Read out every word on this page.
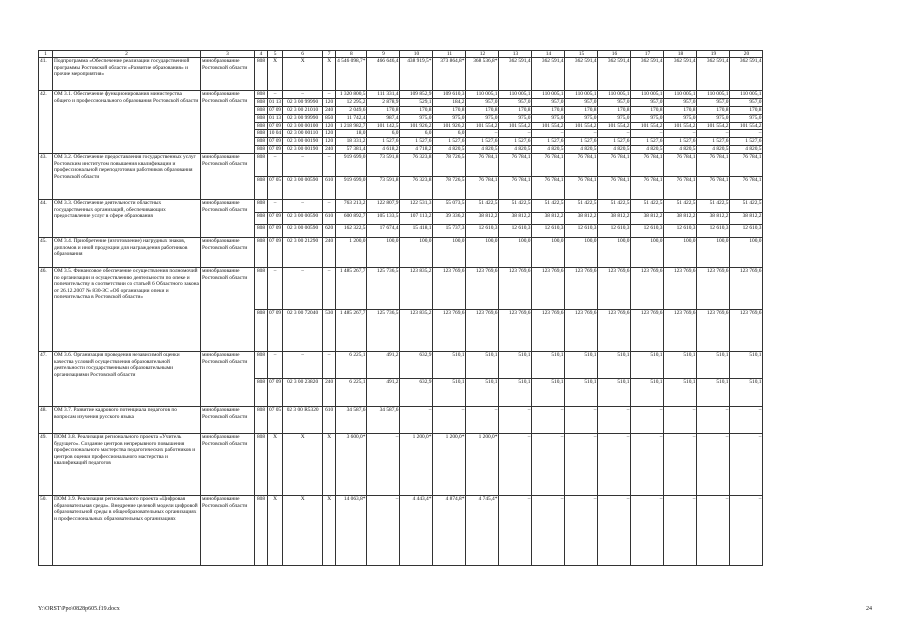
1	2	3	4	5	6	7	8	9	10	11	12	13	14	15	16	17	18	19	20
41.	Подпрограмма «Обеспечение реализации государственной программы Ростовской области «Развитие образования» и прочие мероприятия»	минобразование Ростовской области	808	Х	Х	Х	4 546 098,7*	466 646,4	438 919,5*	373 864,8*	368 536,8*	362 591,4	362 591,4	362 591,4	362 591,4	362 591,4	362 591,4	362 591,4	362 591,4
42.	ОМ 3.1. Обеспечение функционирования министерства общего и профессионального образования Ростовской области	минобразование Ростовской области	808	–	–	–	1 320 800,5	111 331,4	109 852,9	109 610,3	110 005,1	110 005,1	110 005,1	110 005,1	110 005,1	110 005,1	110 005,1	110 005,1	110 005,1
			808	01 13	02 3 00 99990	120	12 295,2	2 878,9	529,1	184,2	957,0	957,0	957,0	957,0	957,0	957,0	957,0	957,0	957,0
			808	07 09	02 3 00 21010	240	2 049,6	170,8	170,8	170,8	170,8	170,8	170,8	170,8	170,8	170,8	170,8	170,8	170,8
			808	01 13	02 3 00 99990	850	11 742,4	987,4	975,0	975,0	975,0	975,0	975,0	975,0	975,0	975,0	975,0	975,0	975,0
			808	07 09	02 3 00 00100	120	1 218 982,7	101 142,5	101 926,2	101 926,2	101 554,2	101 554,2	101 554,2	101 554,2	101 554,2	101 554,2	101 554,2	101 554,2	101 554,2
			808	10 04	02 3 00 00110	120	18,0	6,0	6,0	6,0	–	–	–	–	–	–	–	–	–
			808	07 09	02 3 00 00190	120	18 331,2	1 527,6	1 527,6	1 527,6	1 527,6	1 527,6	1 527,6	1 527,6	1 527,6	1 527,6	1 527,6	1 527,6	1 527,6
			808	07 09	02 3 00 00190	240	57 381,4	4 618,2	4 718,2	4 820,5	4 820,5	4 820,5	4 820,5	4 820,5	4 820,5	4 820,5	4 820,5	4 820,5	4 820,5
43.	ОМ 3.2. Обеспечение предоставления государственных услуг Ростовским институтом повышения квалификации и профессиональной переподготовки работников образования Ростовской области	минобразование Ростовской области	808	–	–	–	919 699,0	73 591,8	76 323,8	78 726,5	76 784,1	76 784,1	76 784,1	76 784,1	76 784,1	76 784,1	76 784,1	76 784,1	76 784,1
			808	07 05	02 3 00 00590	610	919 699,0	73 591,8	76 323,8	78 726,5	76 784,1	76 784,1	76 784,1	76 784,1	76 784,1	76 784,1	76 784,1	76 784,1	76 784,1
44.	ОМ 3.3. Обеспечение деятельности областных государственных организаций, обеспечивающих предоставление услуг в сфере образования	минобразование Ростовской области	808	–	–	–	763 213,2	122 807,9	122 531,3	55 073,5	51 422,5	51 422,5	51 422,5	51 422,5	51 422,5	51 422,5	51 422,5	51 422,5	51 422,5
			808	07 09	02 3 00 00590	610	600 892,7	105 133,5	107 113,2	39 336,2	38 812,2	38 812,2	38 812,2	38 812,2	38 812,2	38 812,2	38 812,2	38 812,2	38 812,2
			808	07 09	02 3 00 00590	620	162 322,5	17 674,4	15 418,1	15 737,3	12 610,3	12 610,3	12 610,3	12 610,3	12 610,3	12 610,3	12 610,3	12 610,3	12 610,3
45.	ОМ 3.4. Приобретение (изготовление) нагрудных знаков, дипломов и иной продукции для награждения работников образования	минобразование Ростовской области	808	07 09	02 3 00 21290	240	1 200,0	100,0	100,0	100,0	100,0	100,0	100,0	100,0	100,0	100,0	100,0	100,0	100,0
46.	ОМ 3.5. Финансовое обеспечение осуществления полномочий по организации и осуществлению деятельности по опеке и попечительству в соответствии со статьей 6 Областного закона от 26.12.2007 № 830-ЗС «Об организации опеки и попечительства в Ростовской области»	минобразование Ростовской области	808	–	–	–	1 485 267,7	125 736,5	123 835,2	123 769,6	123 769,6	123 769,6	123 769,6	123 769,6	123 769,6	123 769,6	123 769,6	123 769,6	123 769,6
			808	07 09	02 3 00 72040	530	1 485 267,7	125 736,5	123 835,2	123 769,6	123 769,6	123 769,6	123 769,6	123 769,6	123 769,6	123 769,6	123 769,6	123 769,6	123 769,6
47.	ОМ 3.6. Организация проведения независимой оценки качества условий осуществления образовательной деятельности государственными образовательными организациями Ростовской области	минобразование Ростовской области	808	–	–	–	6 225,1	491,2	632,9	510,1	510,1	510,1	510,1	510,1	510,1	510,1	510,1	510,1	510,1
			808	07 09	02 3 00 23820	240	6 225,1	491,2	632,9	510,1	510,1	510,1	510,1	510,1	510,1	510,1	510,1	510,1	510,1
48.	ОМ 3.7. Развитие кадрового потенциала педагогов по вопросам изучения русского языка	минобразование Ростовской области	808	07 05	02 3 00 R5320	610	34 587,6	34 587,6	–	–	–	–	–	–	–	–	–	–	–
49.	ПОМ 3.8. Реализация регионального проекта «Учитель будущего». Создание центров непрерывного повышения профессионального мастерства педагогических работников и центров оценки профессионального мастерства и квалификаций педагогов	минобразование Ростовской области	808	Х	Х	Х	3 600,0*	–	1 200,0*	1 200,0*	1 200,0*	–	–	–	–	–	–	–	–
50.	ПОМ 3.9. Реализация регионального проекта «Цифровая образовательная среда». Внедрение целевой модели цифровой образовательной среды в общеобразовательных организациях и профессиональных образовательных организациях	минобразование Ростовской области	808	Х	Х	Х	14 063,8*	–	4 443,4*	4 874,8*	4 745,4*	–	–	–	–	–	–	–	–
Y:\ORST\Ppo\0828p605.f19.docx	24
